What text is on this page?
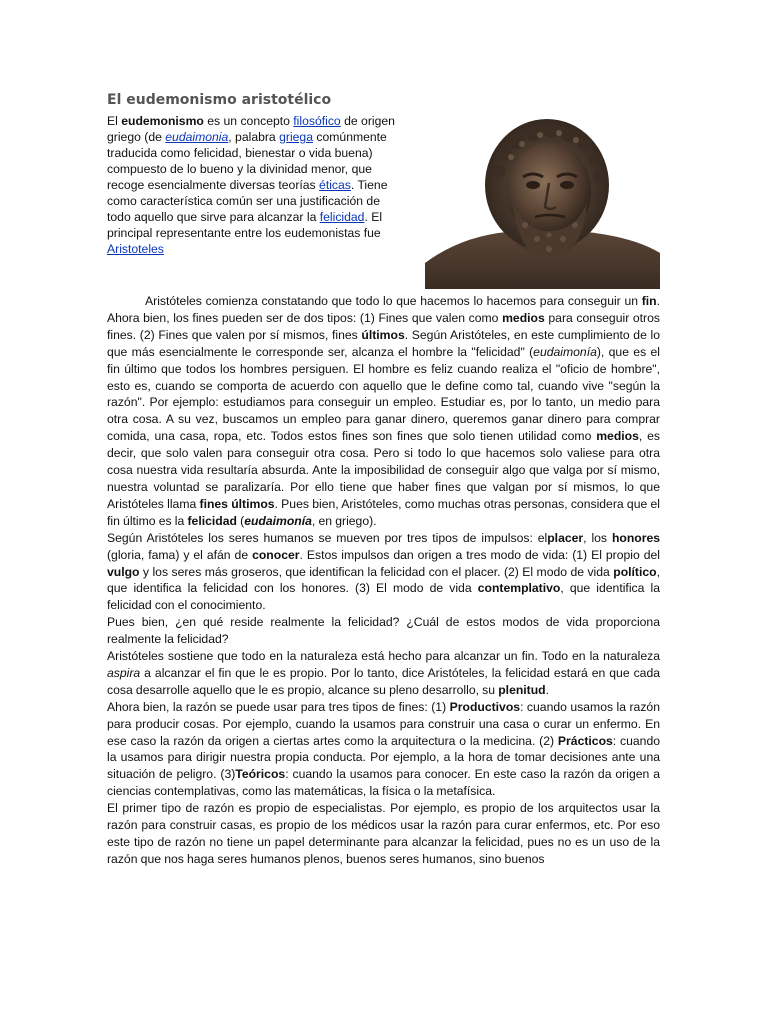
El eudemonismo aristotélico
El eudemonismo es un concepto filosófico de origen griego (de eudaimonia, palabra griega comúnmente traducida como felicidad, bienestar o vida buena) compuesto de lo bueno y la divinidad menor, que recoge esencialmente diversas teorías éticas. Tiene como característica común ser una justificación de todo aquello que sirve para alcanzar la felicidad. El principal representante entre los eudemonistas fue Aristoteles

Aristóteles comienza constatando que todo lo que hacemos lo hacemos para conseguir un fin. Ahora bien, los fines pueden ser de dos tipos: (1) Fines que valen como medios para conseguir otros fines. (2) Fines que valen por sí mismos, fines últimos. Según Aristóteles, en este cumplimiento de lo que más esencialmente le corresponde ser, alcanza el hombre la "felicidad" (eudaimonía), que es el fin último que todos los hombres persiguen. El hombre es feliz cuando realiza el "oficio de hombre", esto es, cuando se comporta de acuerdo con aquello que le define como tal, cuando vive "según la razón". Por ejemplo: estudiamos para conseguir un empleo. Estudiar es, por lo tanto, un medio para otra cosa. A su vez, buscamos un empleo para ganar dinero, queremos ganar dinero para comprar comida, una casa, ropa, etc. Todos estos fines son fines que solo tienen utilidad como medios, es decir, que solo valen para conseguir otra cosa. Pero si todo lo que hacemos solo valiese para otra cosa nuestra vida resultaría absurda. Ante la imposibilidad de conseguir algo que valga por sí mismo, nuestra voluntad se paralizaría. Por ello tiene que haber fines que valgan por sí mismos, lo que Aristóteles llama fines últimos. Pues bien, Aristóteles, como muchas otras personas, considera que el fin último es la felicidad (eudaimonía, en griego).

Según Aristóteles los seres humanos se mueven por tres tipos de impulsos: elplacer, los honores (gloria, fama) y el afán de conocer. Estos impulsos dan origen a tres modo de vida: (1) El propio del vulgo y los seres más groseros, que identifican la felicidad con el placer. (2) El modo de vida político, que identifica la felicidad con los honores. (3) El modo de vida contemplativo, que identifica la felicidad con el conocimiento.

Pues bien, ¿en qué reside realmente la felicidad? ¿Cuál de estos modos de vida proporciona realmente la felicidad?

Aristóteles sostiene que todo en la naturaleza está hecho para alcanzar un fin. Todo en la naturaleza aspira a alcanzar el fin que le es propio. Por lo tanto, dice Aristóteles, la felicidad estará en que cada cosa desarrolle aquello que le es propio, alcance su pleno desarrollo, su plenitud.

Ahora bien, la razón se puede usar para tres tipos de fines: (1) Productivos: cuando usamos la razón para producir cosas. Por ejemplo, cuando la usamos para construir una casa o curar un enfermo. En ese caso la razón da origen a ciertas artes como la arquitectura o la medicina. (2) Prácticos: cuando la usamos para dirigir nuestra propia conducta. Por ejemplo, a la hora de tomar decisiones ante una situación de peligro. (3)Teóricos: cuando la usamos para conocer. En este caso la razón da origen a ciencias contemplativas, como las matemáticas, la física o la metafísica.

El primer tipo de razón es propio de especialistas. Por ejemplo, es propio de los arquitectos usar la razón para construir casas, es propio de los médicos usar la razón para curar enfermos, etc. Por eso este tipo de razón no tiene un papel determinante para alcanzar la felicidad, pues no es un uso de la razón que nos haga seres humanos plenos, buenos seres humanos, sino buenos
